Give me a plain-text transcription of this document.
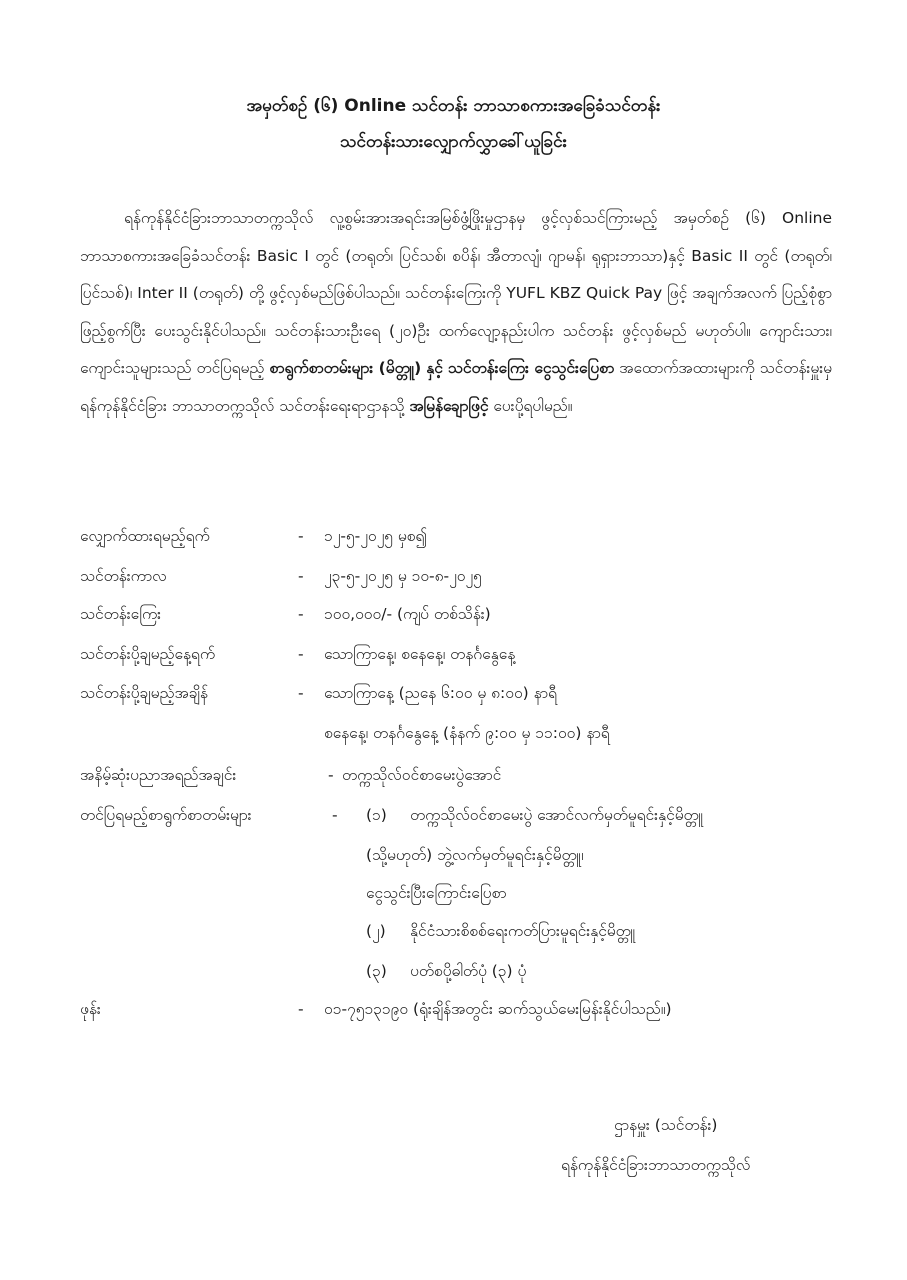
အမှတ်စဉ် (၆) Online သင်တန်း ဘာသာစကားအခြေခံသင်တန်း
သင်တန်းသားလျှောက်လွှာခေါ်ယူခြင်း
ရန်ကုန်နိုင်ငံခြားဘာသာတက္ကသိုလ် လူ့စွမ်းအားအရင်းအမြစ်ဖွံ့ဖြိုးမှုဌာနမှ ဖွင့်လှစ်သင်ကြားမည့် အမှတ်စဉ် (၆) Online ဘာသာစကားအခြေခံသင်တန်း Basic I တွင် (တရုတ်၊ ပြင်သစ်၊ စပိန်၊ အီတာလျံ၊ ဂျာမန်၊ ရုရှားဘာသာ)နှင့် Basic II တွင် (တရုတ်၊ ပြင်သစ်)၊ Inter II (တရုတ်) တို့ ဖွင့်လှစ်မည်ဖြစ်ပါသည်။ သင်တန်းကြေးကို YUFL KBZ Quick Pay ဖြင့် အချက်အလက် ပြည့်စုံစွာ ဖြည့်စွက်ပြီး ပေးသွင်းနိုင်ပါသည်။ သင်တန်းသားဦးရေ (၂၀)ဦး ထက်လျော့နည်းပါက သင်တန်း ဖွင့်လှစ်မည် မဟုတ်ပါ။ ကျောင်းသား၊ ကျောင်းသူများသည် တင်ပြရမည့် စာရွက်စာတမ်းများ (မိတ္တူ) နှင့် သင်တန်းကြေး ငွေသွင်းပြေစာ အထောက်အထားများကို သင်တန်းမှူးမှ ရန်ကုန်နိုင်ငံခြား ဘာသာတက္ကသိုလ် သင်တန်းရေးရာဌာနသို့ အမြန်ချောဖြင့် ပေးပို့ရပါမည်။
လျှောက်ထားရမည့်ရက်	- ၁၂-၅-၂၀၂၅ မှစ၍
သင်တန်းကာလ	- ၂၃-၅-၂၀၂၅ မှ ၁၀-၈-၂၀၂၅
သင်တန်းကြေး	- ၁၀၀,၀၀၀/- (ကျပ် တစ်သိန်း)
သင်တန်းပို့ချမည့်နေ့ရက်	- သောကြာနေ့၊ စနေနေ့၊ တနင်္ဂနွေနေ့
သင်တန်းပို့ချမည့်အချိန်	- သောကြာနေ့ (ညနေ ၆:၀၀ မှ ၈:၀၀) နာရီ
စနေနေ့၊ တနင်္ဂနွေနေ့ (နံနက် ၉:၀၀ မှ ၁၁:၀၀) နာရီ
အနိမ့်ဆုံးပညာအရည်အချင်း	- တက္ကသိုလ်ဝင်စာမေးပွဲအောင်
တင်ပြရမည့်စာရွက်စာတမ်းများ	- (၁) တက္ကသိုလ်ဝင်စာမေးပွဲ အောင်လက်မှတ်မူရင်းနှင့်မိတ္တူ
(သို့မဟုတ်) ဘွဲ့လက်မှတ်မူရင်းနှင့်မိတ္တူ၊
ငွေသွင်းပြီးကြောင်းပြေစာ
(၂) နိုင်ငံသားစိစစ်ရေးကတ်ပြားမူရင်းနှင့်မိတ္တူ
(၃) ပတ်စပို့ဓါတ်ပုံ (၃) ပုံ
ဖုန်း	- ၀၁-၇၅၁၃၁၉၀ (ရုံးချိန်အတွင်း ဆက်သွယ်မေးမြန်းနိုင်ပါသည်။)
ဌာနမှူး (သင်တန်း)
ရန်ကုန်နိုင်ငံခြားဘာသာတက္ကသိုလ်
